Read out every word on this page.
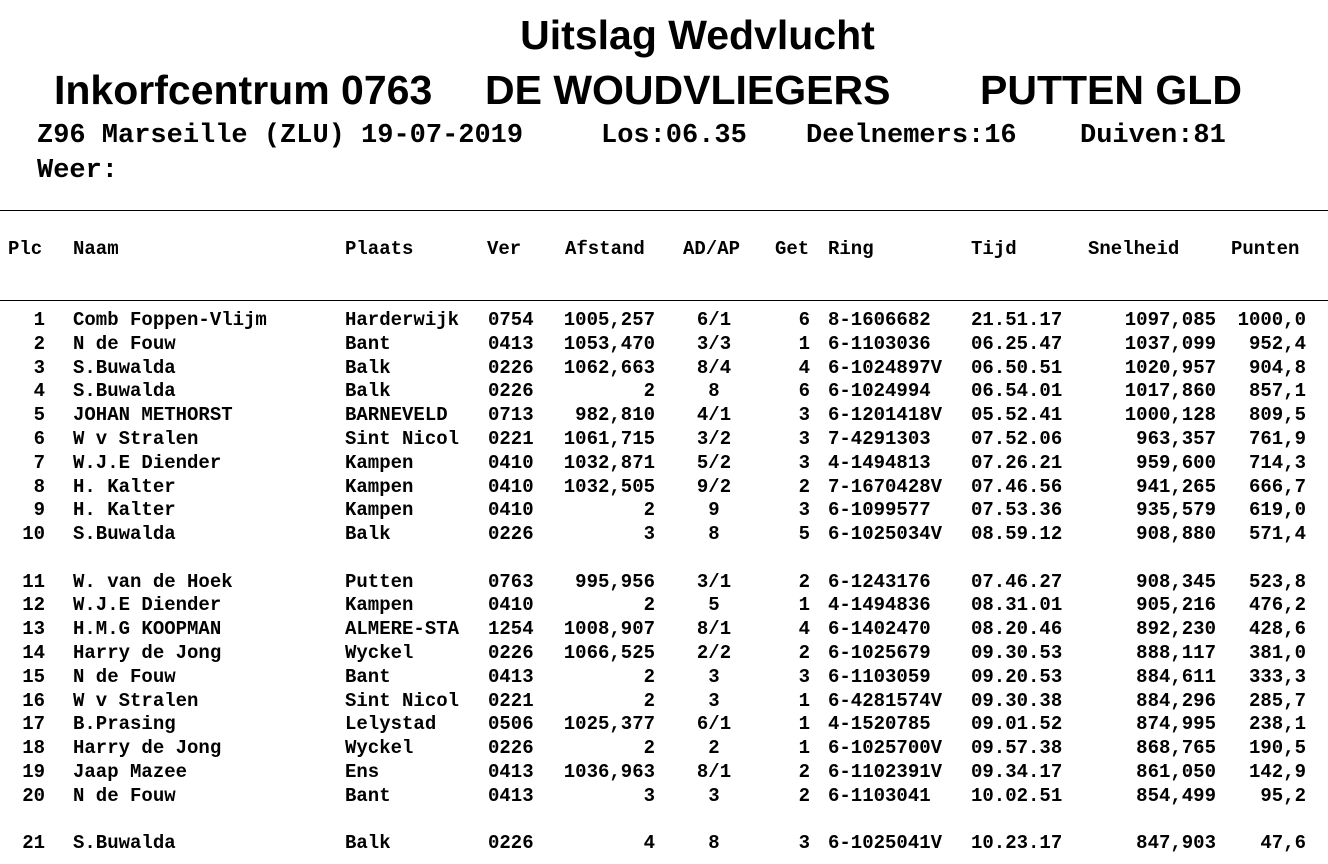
Uitslag Wedvlucht
Inkorfcentrum 0763 DE WOUDVLIEGERS PUTTEN GLD
Z96 Marseille (ZLU) 19-07-2019	Los:06.35 Deelnemers:16 Duiven:81
Weer:
Plc Naam	Plaats	Ver Afstand AD/AP Get Ring	Tijd	Snelheid	Punten
1 Comb Foppen-Vlijm	Harderwijk	0754	1005,257	6/1	6 8-1606682	21.51.17	1097,085	1000,0
2 N de Fouw	Bant	0413	1053,470	3/3	1 6-1103036	06.25.47	1037,099	952,4
3 S.Buwalda	Balk	0226	1062,663	8/4	4 6-1024897V	06.50.51	1020,957	904,8
4 S.Buwalda	Balk	0226	2	8	6 6-1024994	06.54.01	1017,860	857,1
5 JOHAN METHORST	BARNEVELD	0713	982,810	4/1	3 6-1201418V	05.52.41	1000,128	809,5
6 W v Stralen	Sint Nicol	0221	1061,715	3/2	3 7-4291303	07.52.06	963,357	761,9
7 W.J.E Diender	Kampen	0410	1032,871	5/2	3 4-1494813	07.26.21	959,600	714,3
8 H. Kalter	Kampen	0410	1032,505	9/2	2 7-1670428V	07.46.56	941,265	666,7
9 H. Kalter	Kampen	0410	2	9	3 6-1099577	07.53.36	935,579	619,0
10 S.Buwalda	Balk	0226	3	8	5 6-1025034V	08.59.12	908,880	571,4
11 W. van de Hoek	Putten	0763	995,956	3/1	2 6-1243176	07.46.27	908,345	523,8
12 W.J.E Diender	Kampen	0410	2	5	1 4-1494836	08.31.01	905,216	476,2
13 H.M.G KOOPMAN	ALMERE-STA	1254	1008,907	8/1	4 6-1402470	08.20.46	892,230	428,6
14 Harry de Jong	Wyckel	0226	1066,525	2/2	2 6-1025679	09.30.53	888,117	381,0
15 N de Fouw	Bant	0413	2	3	3 6-1103059	09.20.53	884,611	333,3
16 W v Stralen	Sint Nicol	0221	2	3	1 6-4281574V	09.30.38	884,296	285,7
17 B.Prasing	Lelystad	0506	1025,377	6/1	1 4-1520785	09.01.52	874,995	238,1
18 Harry de Jong	Wyckel	0226	2	2	1 6-1025700V	09.57.38	868,765	190,5
19 Jaap Mazee	Ens	0413	1036,963	8/1	2 6-1102391V	09.34.17	861,050	142,9
20 N de Fouw	Bant	0413	3	3	2 6-1103041	10.02.51	854,499	95,2
21 S.Buwalda	Balk	0226	4	8	3 6-1025041V	10.23.17	847,903	47,6
